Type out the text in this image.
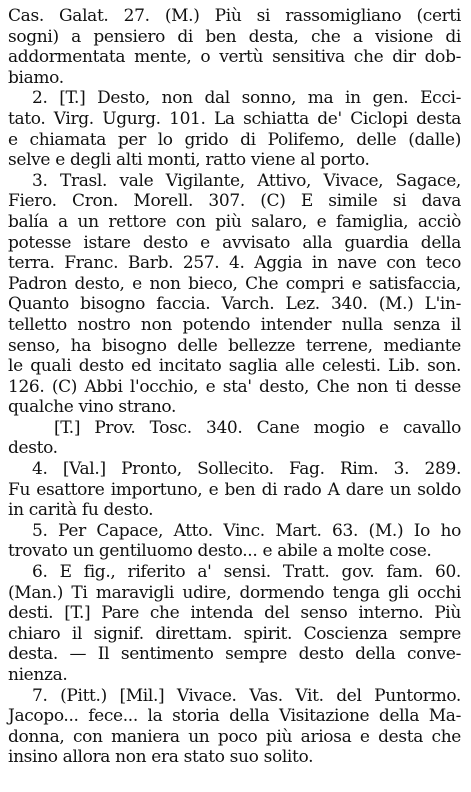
Cas. Galat. 27. (M.) Più si rassomigliano (certi
sogni) a pensiero di ben desta, che a visione di
addormentata mente, o vertù sensitiva che dir dob-
biamo.
2. [T.] Desto, non dal sonno, ma in gen. Ecci-
tato. Virg. Ugurg. 101. La schiatta de' Ciclopi desta
e chiamata per lo grido di Polifemo, delle (dalle)
selve e degli alti monti, ratto viene al porto.
3. Trasl. vale Vigilante, Attivo, Vivace, Sagace,
Fiero. Cron. Morell. 307. (C) E simile si dava
balía a un rettore con più salaro, e famiglia, acciò
potesse istare desto e avvisato alla guardia della
terra. Franc. Barb. 257. 4. Aggia in nave con teco
Padron desto, e non bieco, Che compri e satisfaccia,
Quanto bisogno faccia. Varch. Lez. 340. (M.) L'in-
telletto nostro non potendo intender nulla senza il
senso, ha bisogno delle bellezze terrene, mediante
le quali desto ed incitato saglia alle celesti. Lib. son.
126. (C) Abbi l'occhio, e sta' desto, Che non ti desse
qualche vino strano.
[T.] Prov. Tosc. 340. Cane mogio e cavallo
desto.
4. [Val.] Pronto, Sollecito. Fag. Rim. 3. 289.
Fu esattore importuno, e ben di rado A dare un soldo
in carità fu desto.
5. Per Capace, Atto. Vinc. Mart. 63. (M.) Io ho
trovato un gentiluomo desto... e abile a molte cose.
6. E fig., riferito a' sensi. Tratt. gov. fam. 60.
(Man.) Ti maravigli udire, dormendo tenga gli occhi
desti. [T.] Pare che intenda del senso interno. Più
chiaro il signif. direttam. spirit. Coscienza sempre
desta. — Il sentimento sempre desto della conve-
nienza.
7. (Pitt.) [Mil.] Vivace. Vas. Vit. del Puntormo.
Jacopo... fece... la storia della Visitazione della Ma-
donna, con maniera un poco più ariosa e desta che
insino allora non era stato suo solito.
